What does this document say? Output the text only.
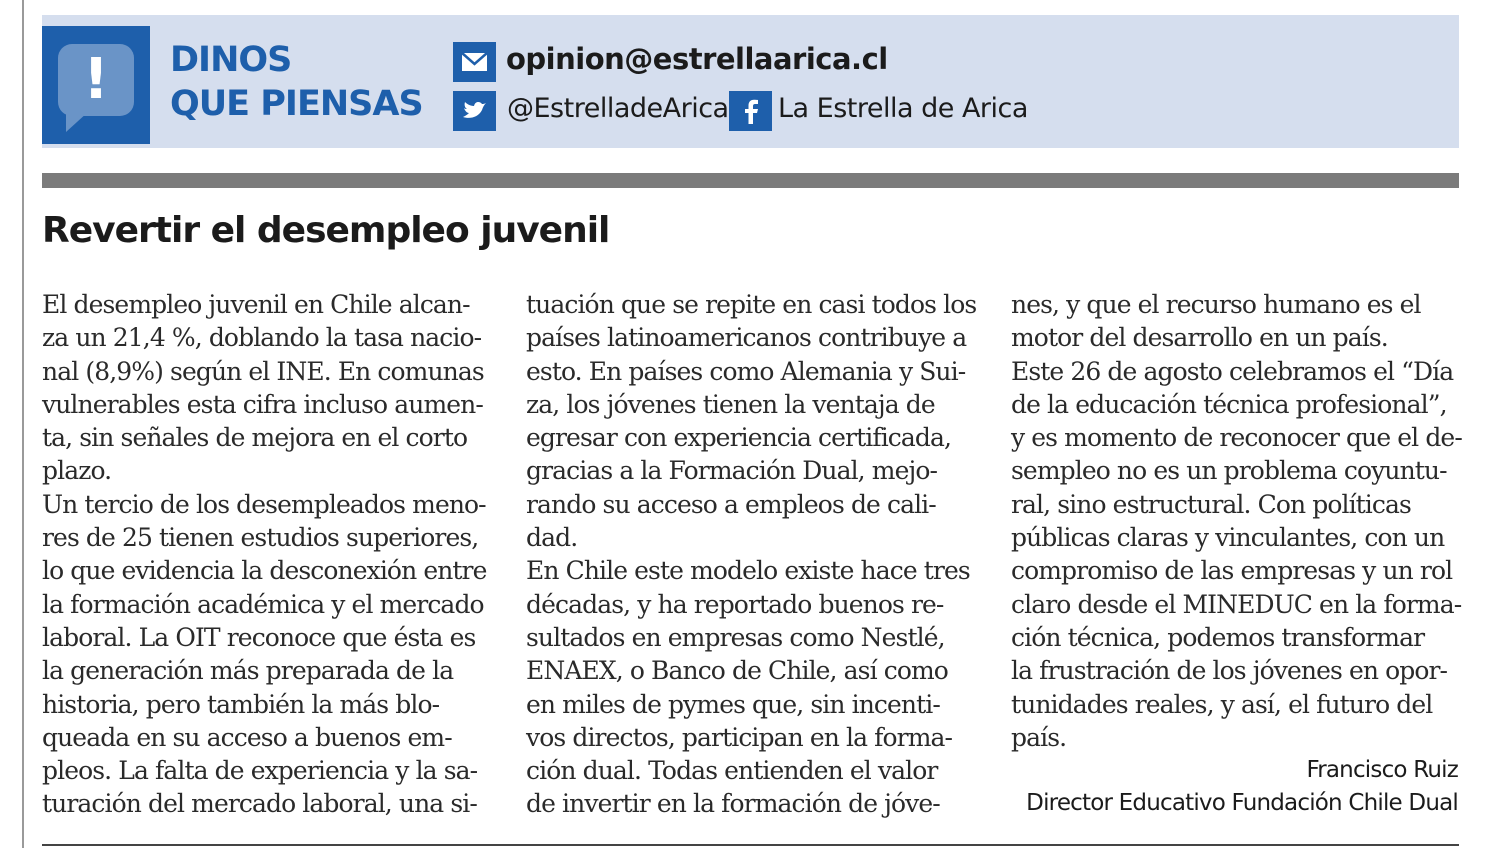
!	DINOS
QUE PIENSAS
opinion@estrellaarica.cl
@EstrelladeArica La Estrella de Arica
Revertir el desempleo juvenil
El desempleo juvenil en Chile alcan-
za un 21,4 %, doblando la tasa nacio-
nal (8,9%) según el INE. En comunas
vulnerables esta cifra incluso aumen-
ta, sin señales de mejora en el corto
plazo.
Un tercio de los desempleados meno-
res de 25 tienen estudios superiores,
lo que evidencia la desconexión entre
la formación académica y el mercado
laboral. La OIT reconoce que ésta es
la generación más preparada de la
historia, pero también la más blo-
queada en su acceso a buenos em-
pleos. La falta de experiencia y la sa-
turación del mercado laboral, una si-
tuación que se repite en casi todos los
países latinoamericanos contribuye a
esto. En países como Alemania y Sui-
za, los jóvenes tienen la ventaja de
egresar con experiencia certificada,
gracias a la Formación Dual, mejo-
rando su acceso a empleos de cali-
dad.
En Chile este modelo existe hace tres
décadas, y ha reportado buenos re-
sultados en empresas como Nestlé,
ENAEX, o Banco de Chile, así como
en miles de pymes que, sin incenti-
vos directos, participan en la forma-
ción dual. Todas entienden el valor
de invertir en la formación de jóve-
nes, y que el recurso humano es el
motor del desarrollo en un país.
Este 26 de agosto celebramos el “Día
de la educación técnica profesional”,
y es momento de reconocer que el de-
sempleo no es un problema coyuntu-
ral, sino estructural. Con políticas
públicas claras y vinculantes, con un
compromiso de las empresas y un rol
claro desde el MINEDUC en la forma-
ción técnica, podemos transformar
la frustración de los jóvenes en opor-
tunidades reales, y así, el futuro del
país.
Francisco Ruiz
Director Educativo Fundación Chile Dual
